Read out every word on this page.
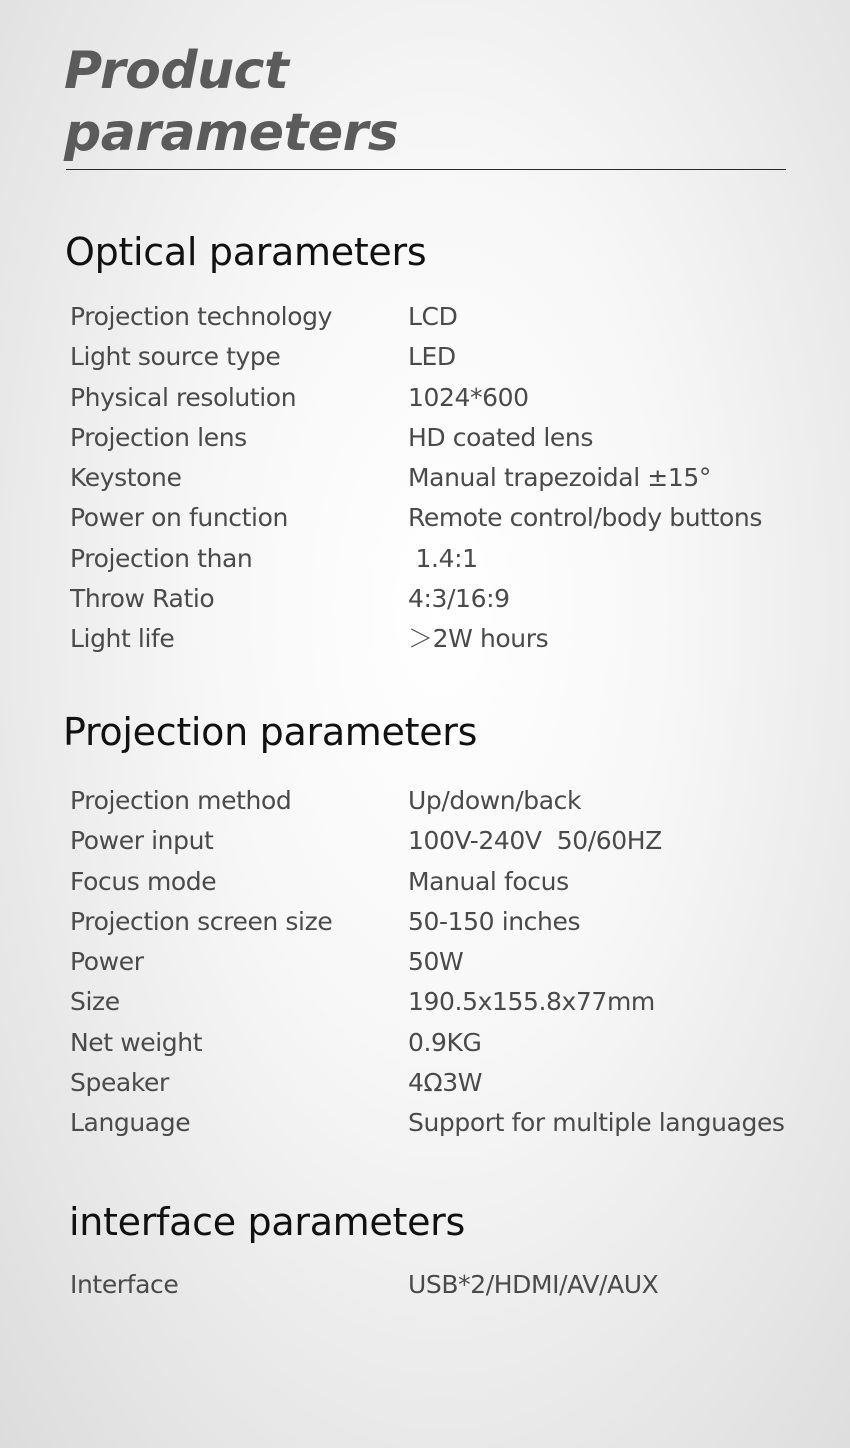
Product
parameters
Optical parameters
Projection technology	LCD
Light source type	LED
Physical resolution	1024*600
Projection lens	HD coated lens
Keystone	Manual trapezoidal ±15°
Power on function	Remote control/body buttons
Projection than	1.4:1
Throw Ratio	4:3/16:9
Light life	＞2W hours
Projection parameters
Projection method	Up/down/back
Power input	100V-240V  50/60HZ
Focus mode	Manual focus
Projection screen size	50-150 inches
Power	50W
Size	190.5x155.8x77mm
Net weight	0.9KG
Speaker	4Ω3W
Language	Support for multiple languages
interface parameters
Interface	USB*2/HDMI/AV/AUX
